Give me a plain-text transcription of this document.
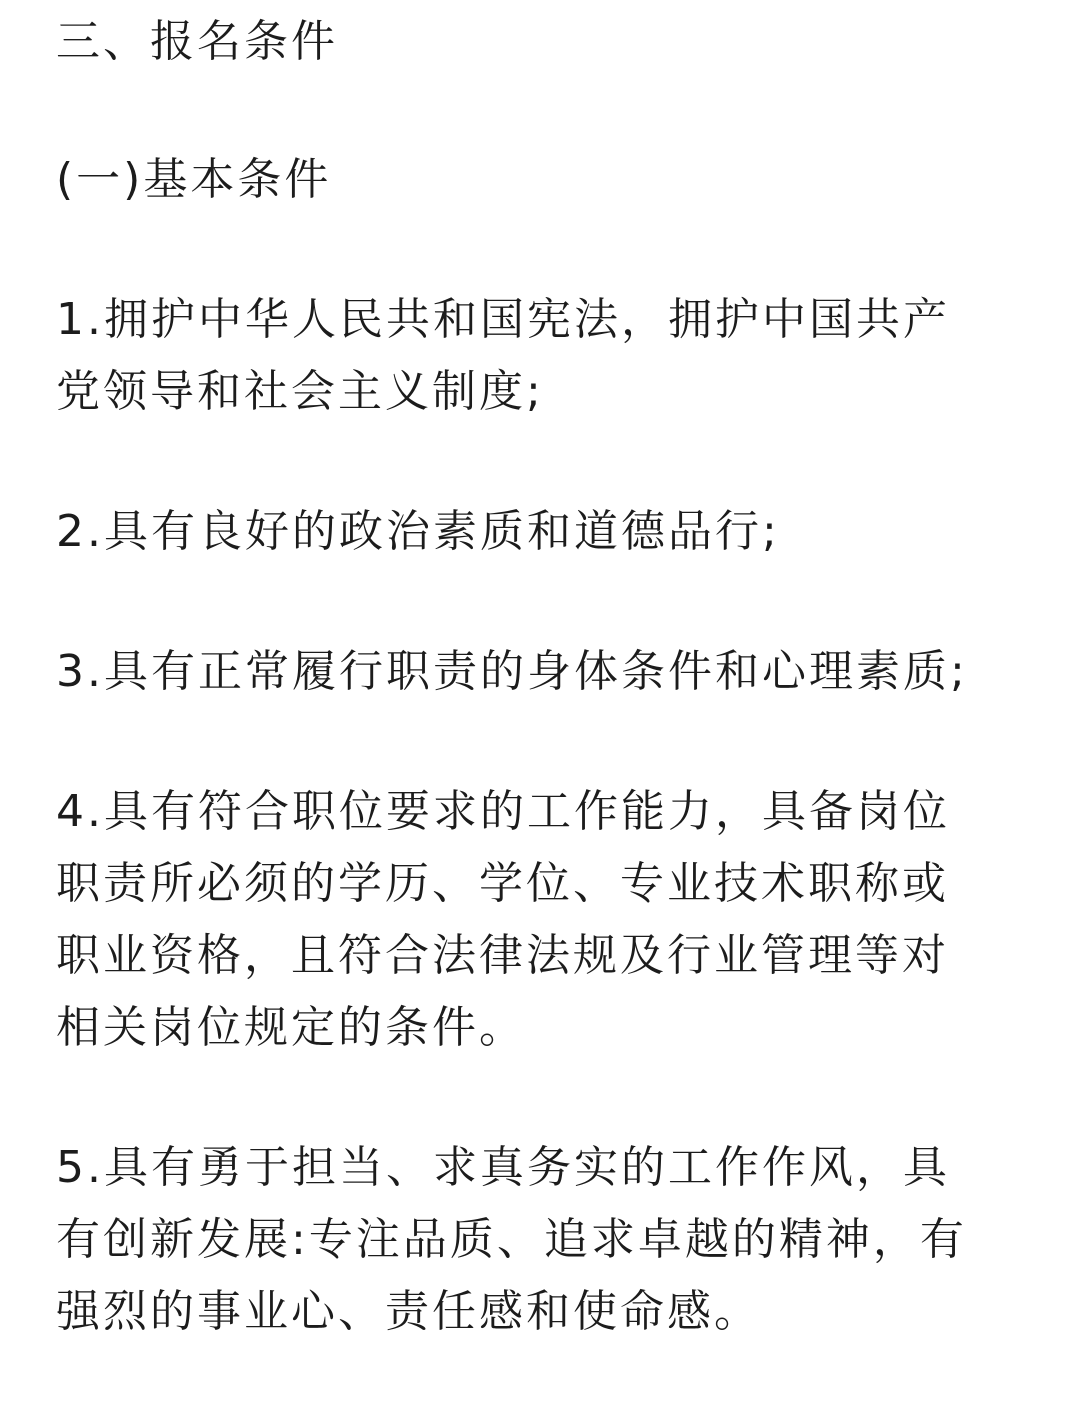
三、报名条件

(一)基本条件

1.拥护中华人民共和国宪法，拥护中国共产
党领导和社会主义制度;

2.具有良好的政治素质和道德品行;

3.具有正常履行职责的身体条件和心理素质;

4.具有符合职位要求的工作能力，具备岗位
职责所必须的学历、学位、专业技术职称或
职业资格，且符合法律法规及行业管理等对
相关岗位规定的条件。

5.具有勇于担当、求真务实的工作作风，具
有创新发展:专注品质、追求卓越的精神，有
强烈的事业心、责任感和使命感。
